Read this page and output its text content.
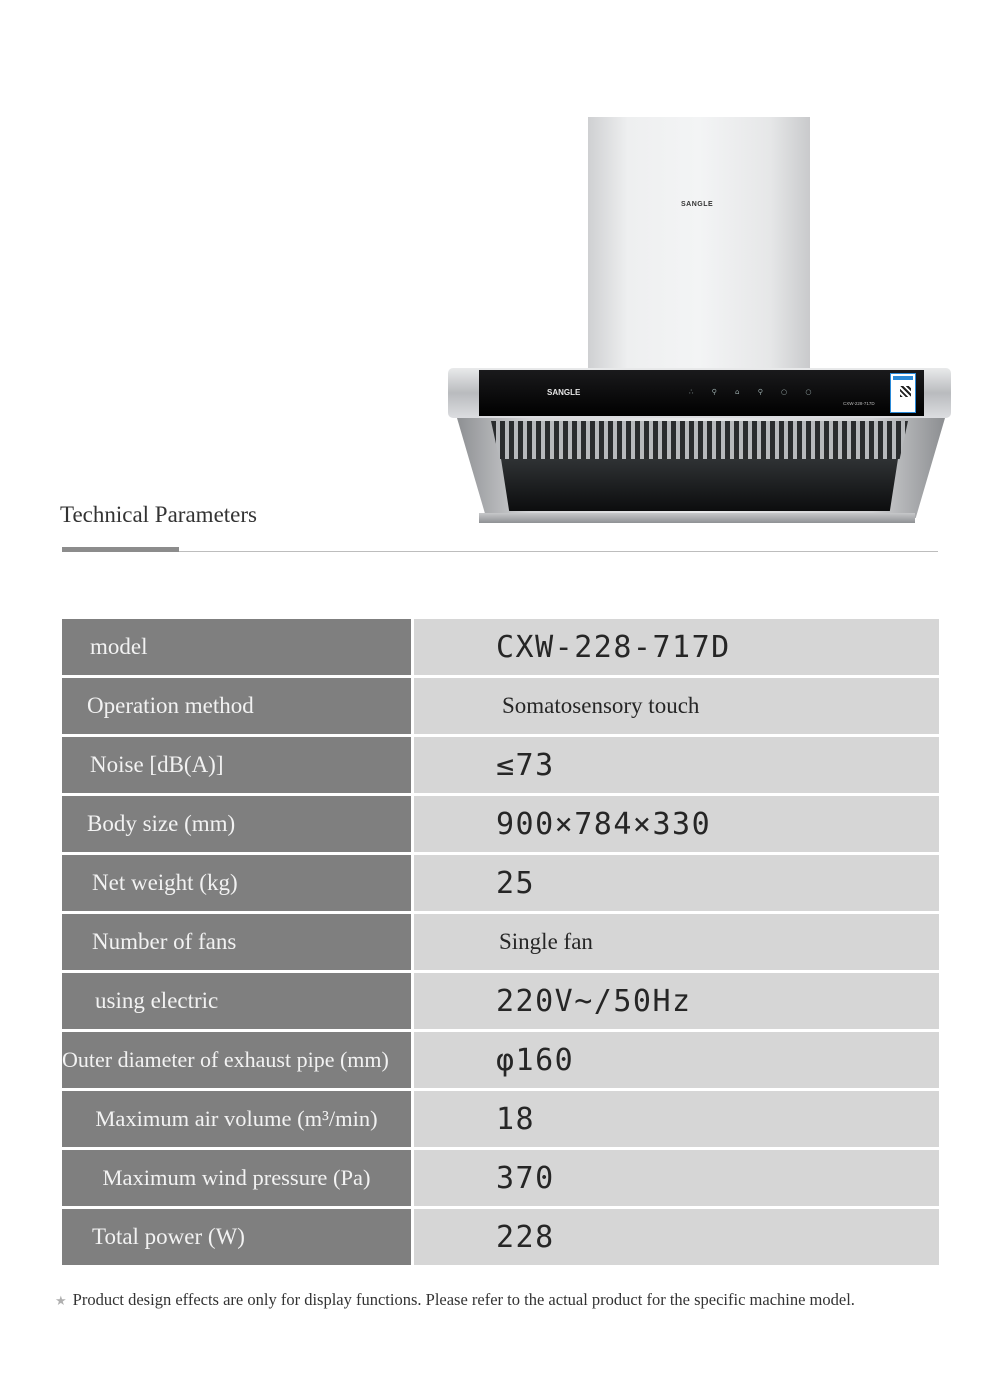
SANGLE
SANGLE	∴ ⚲ ⌂ ⚲ ○ ○
CXW-228-717D
Technical Parameters
model	CXW-228-717D
Operation method	Somatosensory touch
Noise [dB(A)]	≤73
Body size (mm)	900×784×330
Net weight (kg)	25
Number of fans	Single fan
using electric	220V~/50Hz
Outer diameter of exhaust pipe (mm)	φ160
Maximum air volume (m³/min)	18
Maximum wind pressure (Pa)	370
Total power (W)	228
★ Product design effects are only for display functions. Please refer to the actual product for the specific machine model.
